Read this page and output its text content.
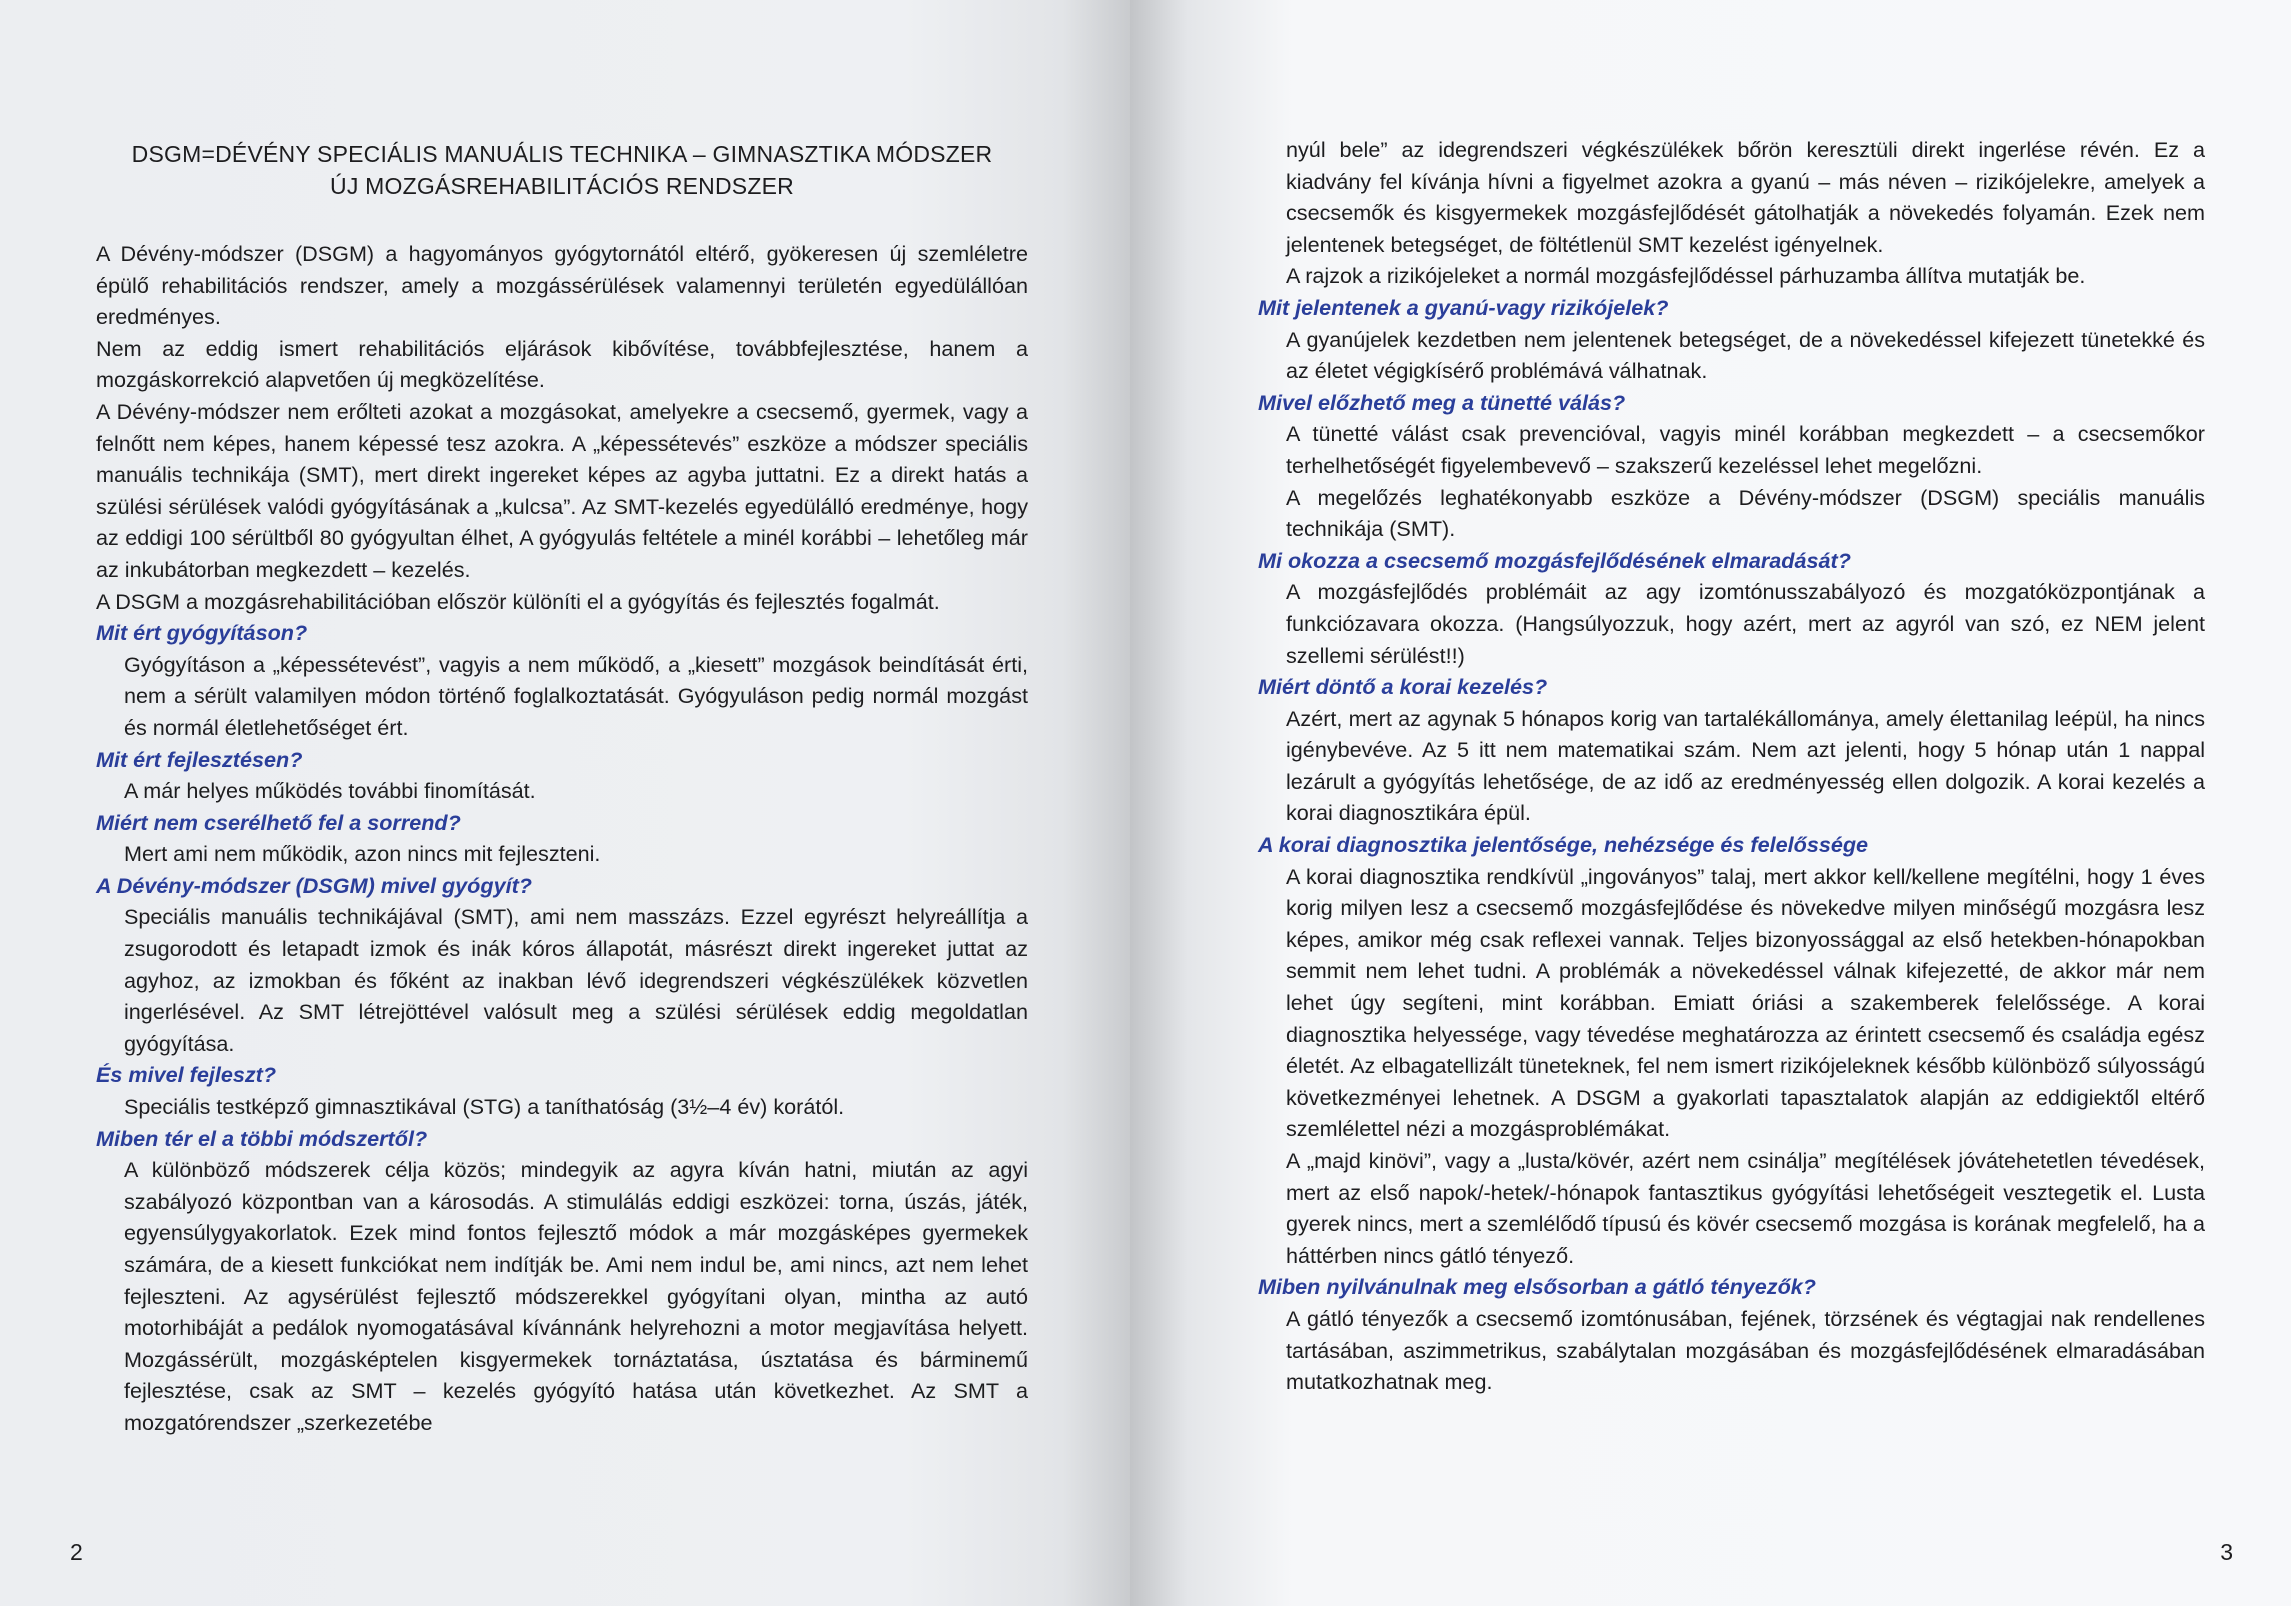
DSGM=DÉVÉNY SPECIÁLIS MANUÁLIS TECHNIKA – GIMNASZTIKA MÓDSZER
ÚJ MOZGÁSREHABILITÁCIÓS RENDSZER

A Dévény-módszer (DSGM) a hagyományos gyógytornától eltérő, gyökeresen új szemléletre épülő rehabilitációs rendszer, amely a mozgássérülések valamennyi területén egyedülállóan eredményes.

Nem az eddig ismert rehabilitációs eljárások kibővítése, továbbfejlesztése, hanem a mozgáskorrekció alapvetően új megközelítése.

A Dévény-módszer nem erőlteti azokat a mozgásokat, amelyekre a csecsemő, gyermek, vagy a felnőtt nem képes, hanem képessé tesz azokra. A „képessétevés” eszköze a módszer speciális manuális technikája (SMT), mert direkt ingereket képes az agyba juttatni. Ez a direkt hatás a szülési sérülések valódi gyógyításának a „kulcsa”. Az SMT-kezelés egyedülálló eredménye, hogy az eddigi 100 sérültből 80 gyógyultan élhet, A gyógyulás feltétele a minél korábbi – lehetőleg már az inkubátorban megkezdett – kezelés.

A DSGM a mozgásrehabilitációban először különíti el a gyógyítás és fejlesztés fogalmát.

Mit ért gyógyításon?

Gyógyításon a „képessétevést”, vagyis a nem működő, a „kiesett” mozgások beindítását érti, nem a sérült valamilyen módon történő foglalkoztatását. Gyógyuláson pedig normál mozgást és normál életlehetőséget ért.

Mit ért fejlesztésen?

A már helyes működés további finomítását.

Miért nem cserélhető fel a sorrend?

Mert ami nem működik, azon nincs mit fejleszteni.

A Dévény-módszer (DSGM) mivel gyógyít?

Speciális manuális technikájával (SMT), ami nem masszázs. Ezzel egyrészt helyreállítja a zsugorodott és letapadt izmok és inák kóros állapotát, másrészt direkt ingereket juttat az agyhoz, az izmokban és főként az inakban lévő idegrendszeri végkészülékek közvetlen ingerlésével. Az SMT létrejöttével valósult meg a szülési sérülések eddig megoldatlan gyógyítása.

És mivel fejleszt?

Speciális testképző gimnasztikával (STG) a taníthatóság (3½–4 év) korától.

Miben tér el a többi módszertől?

A különböző módszerek célja közös; mindegyik az agyra kíván hatni, miután az agyi szabályozó központban van a károsodás. A stimulálás eddigi eszközei: torna, úszás, játék, egyensúlygyakorlatok. Ezek mind fontos fejlesztő módok a már mozgásképes gyermekek számára, de a kiesett funkciókat nem indítják be. Ami nem indul be, ami nincs, azt nem lehet fejleszteni. Az agysérülést fejlesztő módszerekkel gyógyítani olyan, mintha az autó motorhibáját a pedálok nyomogatásával kívánnánk helyrehozni a motor megjavítása helyett. Mozgássérült, mozgásképtelen kisgyermekek tornáztatása, úsztatása és bárminemű fejlesztése, csak az SMT – kezelés gyógyító hatása után következhet. Az SMT a mozgatórendszer „szerkezetébe

2

nyúl bele” az idegrendszeri végkészülékek bőrön keresztüli direkt ingerlése révén. Ez a kiadvány fel kívánja hívni a figyelmet azokra a gyanú – más néven – rizikójelekre, amelyek a csecsemők és kisgyermekek mozgásfejlődését gátolhatják a növekedés folyamán. Ezek nem jelentenek betegséget, de föltétlenül SMT kezelést igényelnek.

A rajzok a rizikójeleket a normál mozgásfejlődéssel párhuzamba állítva mutatják be.

Mit jelentenek a gyanú-vagy rizikójelek?

A gyanújelek kezdetben nem jelentenek betegséget, de a növekedéssel kifejezett tünetekké és az életet végigkísérő problémává válhatnak.

Mivel előzhető meg a tünetté válás?

A tünetté válást csak prevencióval, vagyis minél korábban megkezdett – a csecsemőkor terhelhetőségét figyelembevevő – szakszerű kezeléssel lehet megelőzni.

A megelőzés leghatékonyabb eszköze a Dévény-módszer (DSGM) speciális manuális technikája (SMT).

Mi okozza a csecsemő mozgásfejlődésének elmaradását?

A mozgásfejlődés problémáit az agy izomtónusszabályozó és mozgatóközpontjának a funkciózavara okozza. (Hangsúlyozzuk, hogy azért, mert az agyról van szó, ez NEM jelent szellemi sérülést!!)

Miért döntő a korai kezelés?

Azért, mert az agynak 5 hónapos korig van tartalékállománya, amely élettanilag leépül, ha nincs igénybevéve. Az 5 itt nem matematikai szám. Nem azt jelenti, hogy 5 hónap után 1 nappal lezárult a gyógyítás lehetősége, de az idő az eredményesség ellen dolgozik. A korai kezelés a korai diagnosztikára épül.

A korai diagnosztika jelentősége, nehézsége és felelőssége

A korai diagnosztika rendkívül „ingoványos” talaj, mert akkor kell/kellene megítélni, hogy 1 éves korig milyen lesz a csecsemő mozgásfejlődése és növekedve milyen minőségű mozgásra lesz képes, amikor még csak reflexei vannak. Teljes bizonyossággal az első hetekben-hónapokban semmit nem lehet tudni. A problémák a növekedéssel válnak kifejezetté, de akkor már nem lehet úgy segíteni, mint korábban. Emiatt óriási a szakemberek felelőssége. A korai diagnosztika helyessége, vagy tévedése meghatározza az érintett csecsemő és családja egész életét. Az elbagatellizált tüneteknek, fel nem ismert rizikójeleknek később különböző súlyosságú következményei lehetnek. A DSGM a gyakorlati tapasztalatok alapján az eddigiektől eltérő szemlélettel nézi a mozgásproblémákat.

A „majd kinövi”, vagy a „lusta/kövér, azért nem csinálja” megítélések jóvátehetetlen tévedések, mert az első napok/-hetek/-hónapok fantasztikus gyógyítási lehetőségeit vesztegetik el. Lusta gyerek nincs, mert a szemlélődő típusú és kövér csecsemő mozgása is korának megfelelő, ha a háttérben nincs gátló tényező.

Miben nyilvánulnak meg elsősorban a gátló tényezők?

A gátló tényezők a csecsemő izomtónusában, fejének, törzsének és végtagjai nak rendellenes tartásában, aszimmetrikus, szabálytalan mozgásában és mozgásfejlődésének elmaradásában mutatkozhatnak meg.

3
